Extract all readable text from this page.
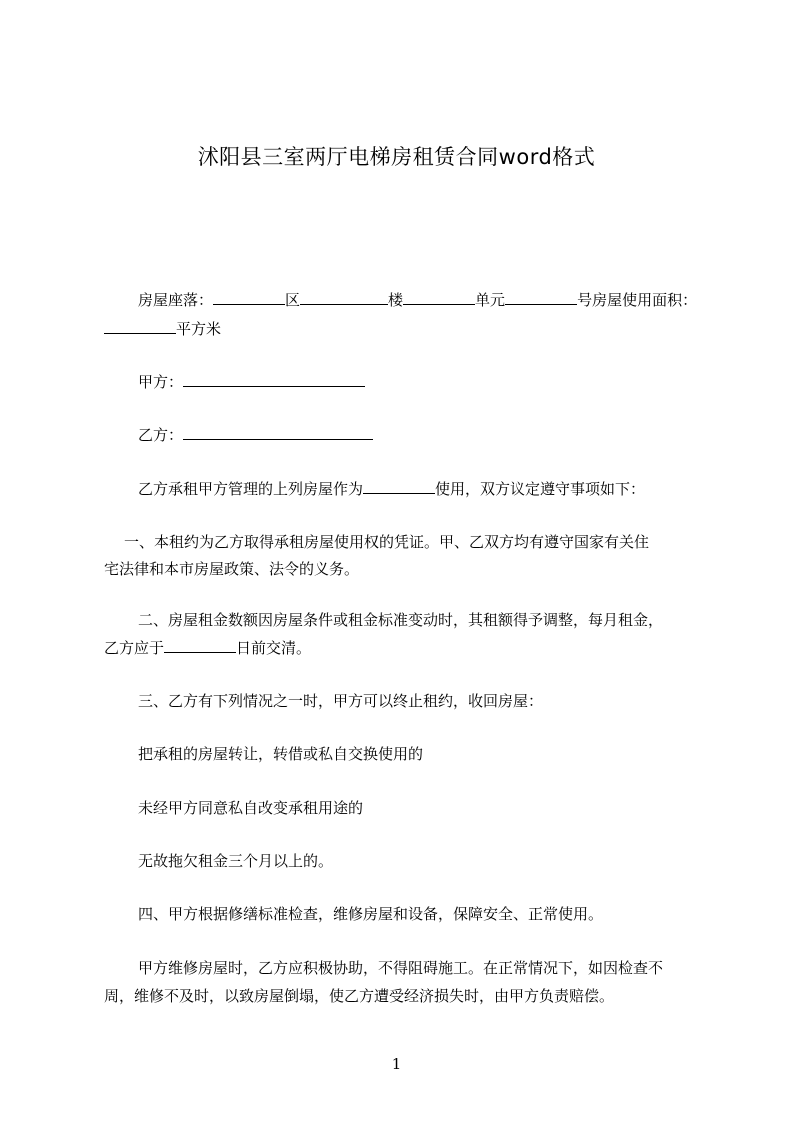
沭阳县三室两厅电梯房租赁合同word格式
房屋座落：	区	楼	单元	号房屋使用面积：
平方米
甲方：
乙方：
乙方承租甲方管理的上列房屋作为	使用，双方议定遵守事项如下：
一、本租约为乙方取得承租房屋使用权的凭证。甲、乙双方均有遵守国家有关住
宅法律和本市房屋政策、法令的义务。
二、房屋租金数额因房屋条件或租金标准变动时，其租额得予调整，每月租金，
乙方应于	日前交清。
三、乙方有下列情况之一时，甲方可以终止租约，收回房屋：
把承租的房屋转让，转借或私自交换使用的
未经甲方同意私自改变承租用途的
无故拖欠租金三个月以上的。
四、甲方根据修缮标准检查，维修房屋和设备，保障安全、正常使用。
甲方维修房屋时，乙方应积极协助，不得阻碍施工。在正常情况下，如因检查不
周，维修不及时，以致房屋倒塌，使乙方遭受经济损失时，由甲方负责赔偿。
1
